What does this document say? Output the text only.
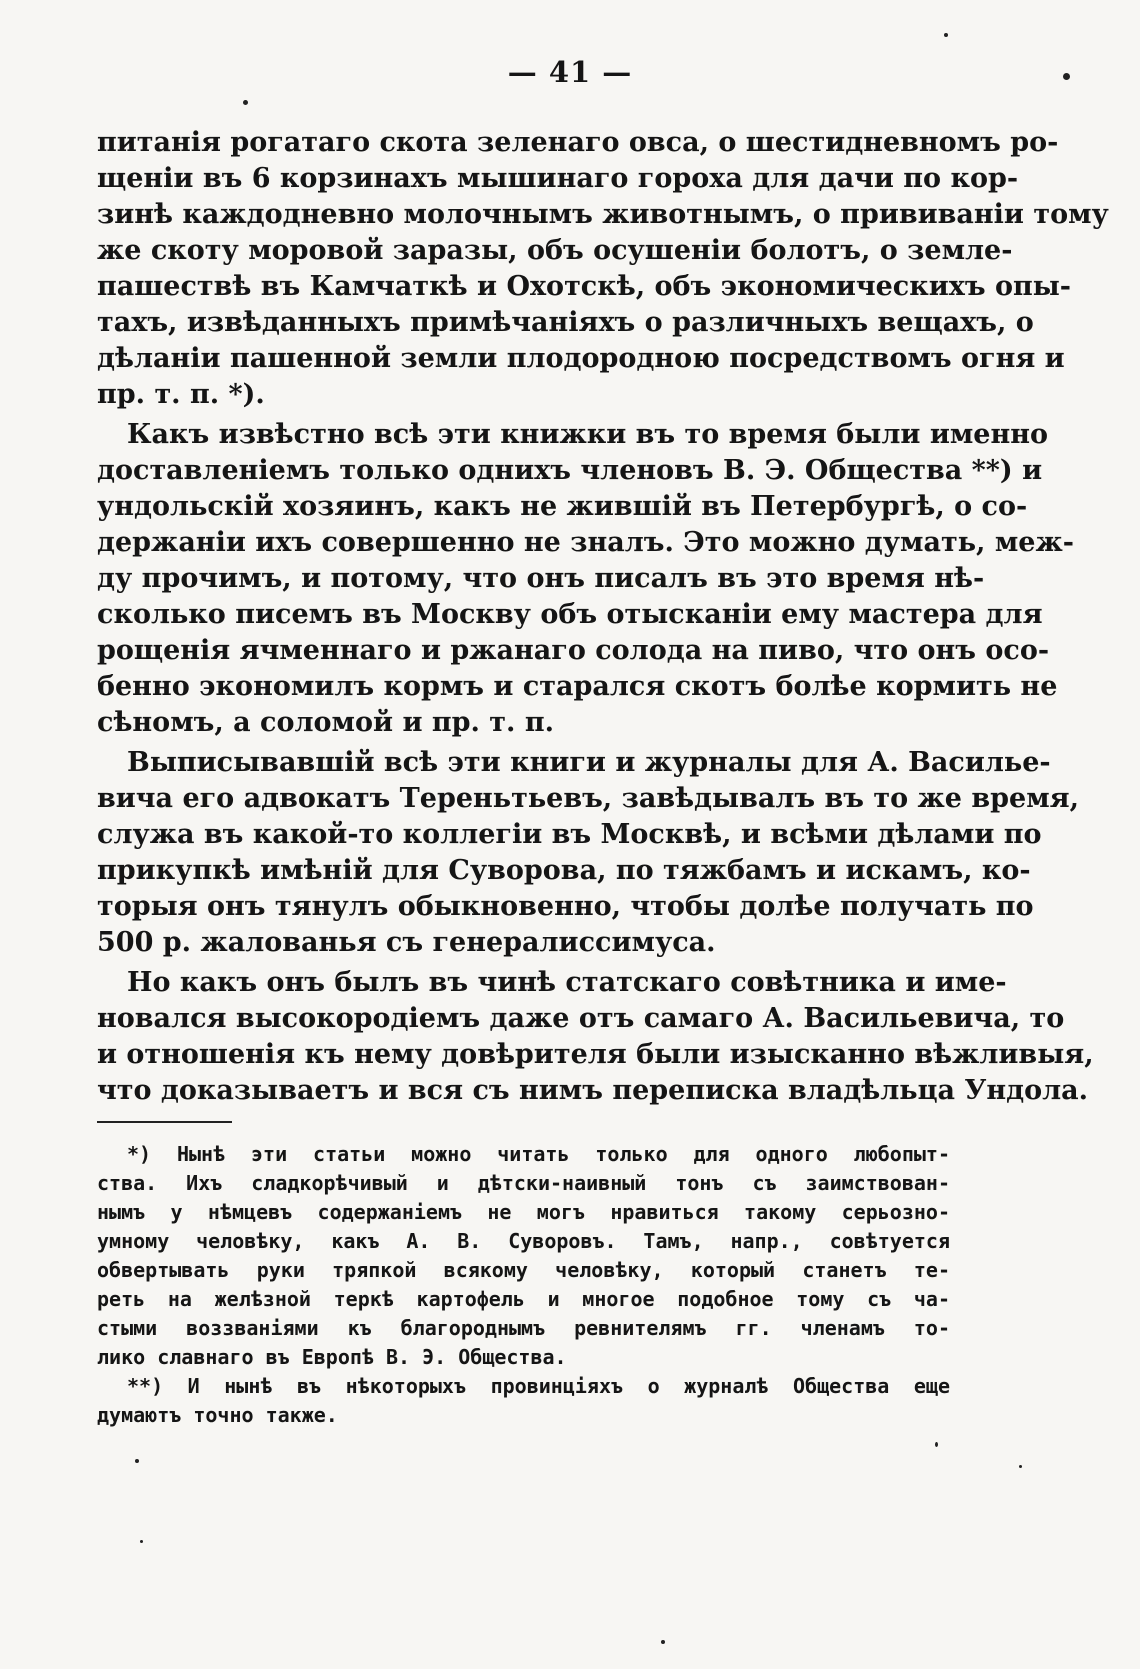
— 41 —
питанія рогатаго скота зеленаго овса, о шестидневномъ ро-
щеніи въ 6 корзинахъ мышинаго гороха для дачи по кор-
зинѣ каждодневно молочнымъ животнымъ, о прививаніи тому
же скоту моровой заразы, объ осушеніи болотъ, о земле-
пашествѣ въ Камчаткѣ и Охотскѣ, объ экономическихъ опы-
тахъ, извѣданныхъ примѣчаніяхъ о различныхъ вещахъ, о
дѣланіи пашенной земли плодородною посредствомъ огня и
пр. т. п. *).
Какъ извѣстно всѣ эти книжки въ то время были именно
доставленіемъ только однихъ членовъ В. Э. Общества **) и
ундольскій хозяинъ, какъ не жившій въ Петербургѣ, о со-
держаніи ихъ совершенно не зналъ. Это можно думать, меж-
ду прочимъ, и потому, что онъ писалъ въ это время нѣ-
сколько писемъ въ Москву объ отысканіи ему мастера для
рощенія ячменнаго и ржанаго солода на пиво, что онъ осо-
бенно экономилъ кормъ и старался скотъ болѣе кормить не
сѣномъ, а соломой и пр. т. п.
Выписывавшій всѣ эти книги и журналы для А. Василье-
вича его адвокатъ Тереньтьевъ, завѣдывалъ въ то же время,
служа въ какой-то коллегіи въ Москвѣ, и всѣми дѣлами по
прикупкѣ имѣній для Суворова, по тяжбамъ и искамъ, ко-
торыя онъ тянулъ обыкновенно, чтобы долѣе получать по
500 р. жалованья съ генералиссимуса.
Но какъ онъ былъ въ чинѣ статскаго совѣтника и име-
новался высокородіемъ даже отъ самаго А. Васильевича, то
и отношенія къ нему довѣрителя были изысканно вѣжливыя,
что доказываетъ и вся съ нимъ переписка владѣльца Ундола.
*) Нынѣ эти статьи можно читать только для одного любопыт-
ства. Ихъ сладкорѣчивый и дѣтски-наивный тонъ съ заимствован-
нымъ у нѣмцевъ содержаніемъ не могъ нравиться такому серьозно-
умному человѣку, какъ А. В. Суворовъ. Тамъ, напр., совѣтуется
обвертывать руки тряпкой всякому человѣку, который станетъ те-
реть на желѣзной теркѣ картофель и многое подобное тому съ ча-
стыми воззваніями къ благороднымъ ревнителямъ гг. членамъ то-
лико славнаго въ Европѣ В. Э. Общества.
**) И нынѣ въ нѣкоторыхъ провинціяхъ о журналѣ Общества еще
думаютъ точно также.
